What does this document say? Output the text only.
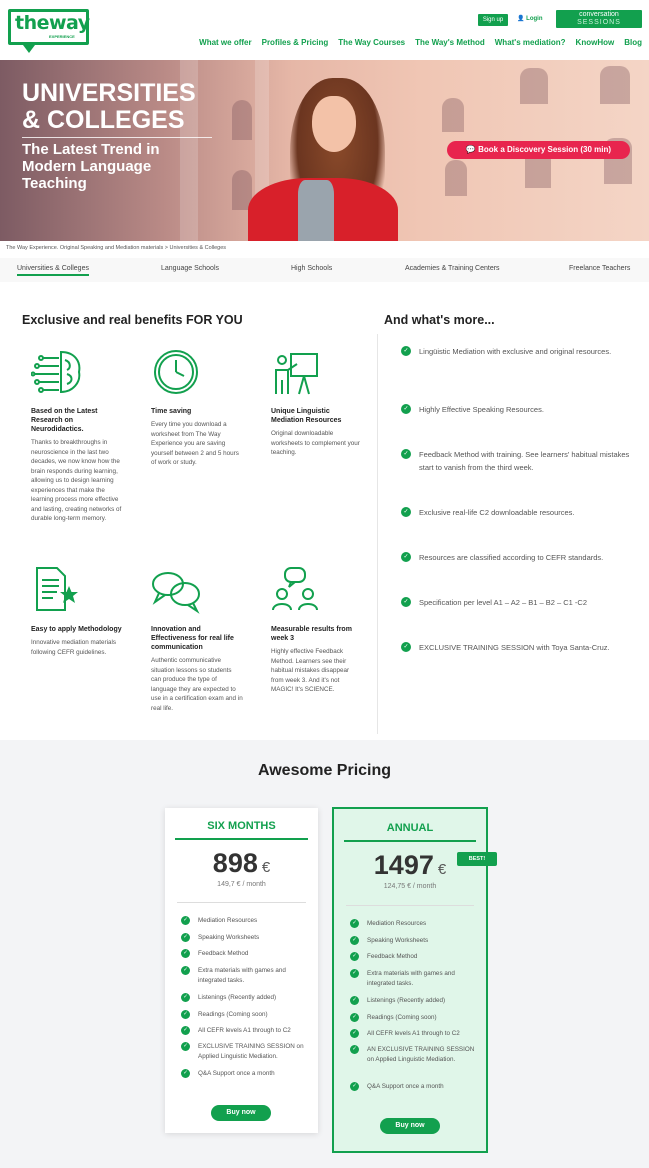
theway
EXPERIENCE
Sign up	👤 Login
conversation
SESSIONS
What we offer Profiles & Pricing The Way Courses The Way's Method What's mediation? KnowHow Blog
UNIVERSITIES
& COLLEGES
The Latest Trend in Modern Language Teaching
💬 Book a Discovery Session (30 min)
The Way Experience. Original Speaking and Mediation materials > Universities & Colleges
Universities & Colleges	Language Schools	High Schools	Academies & Training Centers	Freelance Teachers
Exclusive and real benefits FOR YOU
Based on the Latest Research on Neurodidactics.
Thanks to breakthroughs in neuroscience in the last two decades, we now know how the brain responds during learning, allowing us to design learning experiences that make the learning process more effective and lasting, creating networks of durable long-term memory.
Time saving
Every time you download a worksheet from The Way Experience you are saving yourself between 2 and 5 hours of work or study.
Unique Linguistic Mediation Resources
Original downloadable worksheets to complement your teaching.
Easy to apply Methodology
Innovative mediation materials following CEFR guidelines.
Innovation and Effectiveness for real life communication
Authentic communicative situation lessons so students can produce the type of language they are expected to use in a certification exam and in real life.
Measurable results from week 3
Highly effective Feedback Method. Learners see their habitual mistakes disappear from week 3. And it's not MAGIC! It's SCIENCE.
And what's more...
✓	Lingüistic Mediation with exclusive and original resources.
✓	Highly Effective Speaking Resources.
✓	Feedback Method with training. See learners' habitual mistakes start to vanish from the third week.
✓	Exclusive real-life C2 downloadable resources.
✓	Resources are classified according to CEFR standards.
✓	Specification per level A1 – A2 – B1 – B2 – C1 -C2
✓	EXCLUSIVE TRAINING SESSION with Toya Santa-Cruz.
Awesome Pricing
SIX MONTHS
898 €
149,7 € / month
✓	Mediation Resources
✓	Speaking Worksheets
✓	Feedback Method
✓	Extra materials with games and integrated tasks.
✓	Listenings (Recently added)
✓	Readings (Coming soon)
✓	All CEFR levels A1 through to C2
✓	EXCLUSIVE TRAINING SESSION on Applied Linguistic Mediation.
✓	Q&A Support once a month
Buy now
ANNUAL
1497 €
124,75 € / month
✓	Mediation Resources
✓	Speaking Worksheets
✓	Feedback Method
✓	Extra materials with games and integrated tasks.
✓	Listenings (Recently added)
✓	Readings (Coming soon)
✓	All CEFR levels A1 through to C2
✓	AN EXCLUSIVE TRAINING SESSION on Applied Linguistic Mediation.
✓	Q&A Support once a month
Buy now
BEST!
